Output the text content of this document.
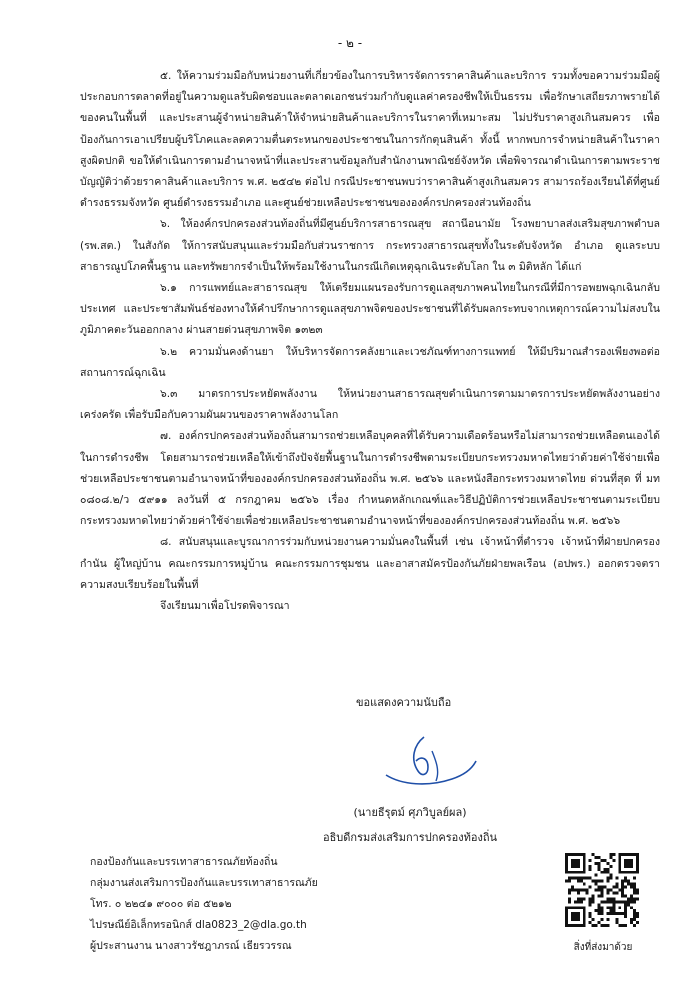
- ๒ -

๕. ให้ความร่วมมือกับหน่วยงานที่เกี่ยวข้องในการบริหารจัดการราคาสินค้าและบริการ รวมทั้งขอความร่วมมือผู้ประกอบการตลาดที่อยู่ในความดูแลรับผิดชอบและตลาดเอกชนร่วมกำกับดูแลค่าครองชีพให้เป็นธรรม เพื่อรักษาเสถียรภาพรายได้ของคนในพื้นที่ และประสานผู้จำหน่ายสินค้าให้จำหน่ายสินค้าและบริการในราคาที่เหมาะสม ไม่ปรับราคาสูงเกินสมควร เพื่อป้องกันการเอาเปรียบผู้บริโภคและลดความตื่นตระหนกของประชาชนในการกักตุนสินค้า ทั้งนี้ หากพบการจำหน่ายสินค้าในราคาสูงผิดปกติ ขอให้ดำเนินการตามอำนาจหน้าที่และประสานข้อมูลกับสำนักงานพาณิชย์จังหวัด เพื่อพิจารณาดำเนินการตามพระราชบัญญัติว่าด้วยราคาสินค้าและบริการ พ.ศ. ๒๕๔๒ ต่อไป กรณีประชาชนพบว่าราคาสินค้าสูงเกินสมควร สามารถร้องเรียนได้ที่ศูนย์ดำรงธรรมจังหวัด ศูนย์ดำรงธรรมอำเภอ และศูนย์ช่วยเหลือประชาชนขององค์กรปกครองส่วนท้องถิ่น

๖. ให้องค์กรปกครองส่วนท้องถิ่นที่มีศูนย์บริการสาธารณสุข สถานีอนามัย โรงพยาบาลส่งเสริมสุขภาพตำบล (รพ.สต.) ในสังกัด ให้การสนับสนุนและร่วมมือกับส่วนราชการ กระทรวงสาธารณสุขทั้งในระดับจังหวัด อำเภอ ดูแลระบบสาธารณูปโภคพื้นฐาน และทรัพยากรจำเป็นให้พร้อมใช้งานในกรณีเกิดเหตุฉุกเฉินระดับโลก ใน ๓ มิติหลัก ได้แก่

๖.๑ การแพทย์และสาธารณสุข ให้เตรียมแผนรองรับการดูแลสุขภาพคนไทยในกรณีที่มีการอพยพฉุกเฉินกลับประเทศ และประชาสัมพันธ์ช่องทางให้คำปรึกษาการดูแลสุขภาพจิตของประชาชนที่ได้รับผลกระทบจากเหตุการณ์ความไม่สงบในภูมิภาคตะวันออกกลาง ผ่านสายด่วนสุขภาพจิต ๑๓๒๓

๖.๒ ความมั่นคงด้านยา ให้บริหารจัดการคลังยาและเวชภัณฑ์ทางการแพทย์ ให้มีปริมาณสำรองเพียงพอต่อสถานการณ์ฉุกเฉิน

๖.๓ มาตรการประหยัดพลังงาน ให้หน่วยงานสาธารณสุขดำเนินการตามมาตรการประหยัดพลังงานอย่างเคร่งครัด เพื่อรับมือกับความผันผวนของราคาพลังงานโลก

๗. องค์กรปกครองส่วนท้องถิ่นสามารถช่วยเหลือบุคคลที่ได้รับความเดือดร้อนหรือไม่สามารถช่วยเหลือตนเองได้ในการดำรงชีพ โดยสามารถช่วยเหลือให้เข้าถึงปัจจัยพื้นฐานในการดำรงชีพตามระเบียบกระทรวงมหาดไทยว่าด้วยค่าใช้จ่ายเพื่อช่วยเหลือประชาชนตามอำนาจหน้าที่ขององค์กรปกครองส่วนท้องถิ่น พ.ศ. ๒๕๖๖ และหนังสือกระทรวงมหาดไทย ด่วนที่สุด ที่ มท ๐๘๐๘.๒/ว ๕๙๑๑ ลงวันที่ ๕ กรกฎาคม ๒๕๖๖ เรื่อง กำหนดหลักเกณฑ์และวิธีปฏิบัติการช่วยเหลือประชาชนตามระเบียบกระทรวงมหาดไทยว่าด้วยค่าใช้จ่ายเพื่อช่วยเหลือประชาชนตามอำนาจหน้าที่ขององค์กรปกครองส่วนท้องถิ่น พ.ศ. ๒๕๖๖

๘. สนับสนุนและบูรณาการร่วมกับหน่วยงานความมั่นคงในพื้นที่ เช่น เจ้าหน้าที่ตำรวจ เจ้าหน้าที่ฝ่ายปกครอง กำนัน ผู้ใหญ่บ้าน คณะกรรมการหมู่บ้าน คณะกรรมการชุมชน และอาสาสมัครป้องกันภัยฝ่ายพลเรือน (อปพร.) ออกตรวจตราความสงบเรียบร้อยในพื้นที่

จึงเรียนมาเพื่อโปรดพิจารณา

ขอแสดงความนับถือ
(นายธีรุตม์ ศุภวิบูลย์ผล)
อธิบดีกรมส่งเสริมการปกครองท้องถิ่น
กองป้องกันและบรรเทาสาธารณภัยท้องถิ่น
กลุ่มงานส่งเสริมการป้องกันและบรรเทาสาธารณภัย
โทร. ๐ ๒๒๔๑ ๙๐๐๐ ต่อ ๕๒๑๒
ไปรษณีย์อิเล็กทรอนิกส์ dla0823_2@dla.go.th
ผู้ประสานงาน นางสาวรัชฎาภรณ์ เธียรวรรณ	สิ่งที่ส่งมาด้วย
